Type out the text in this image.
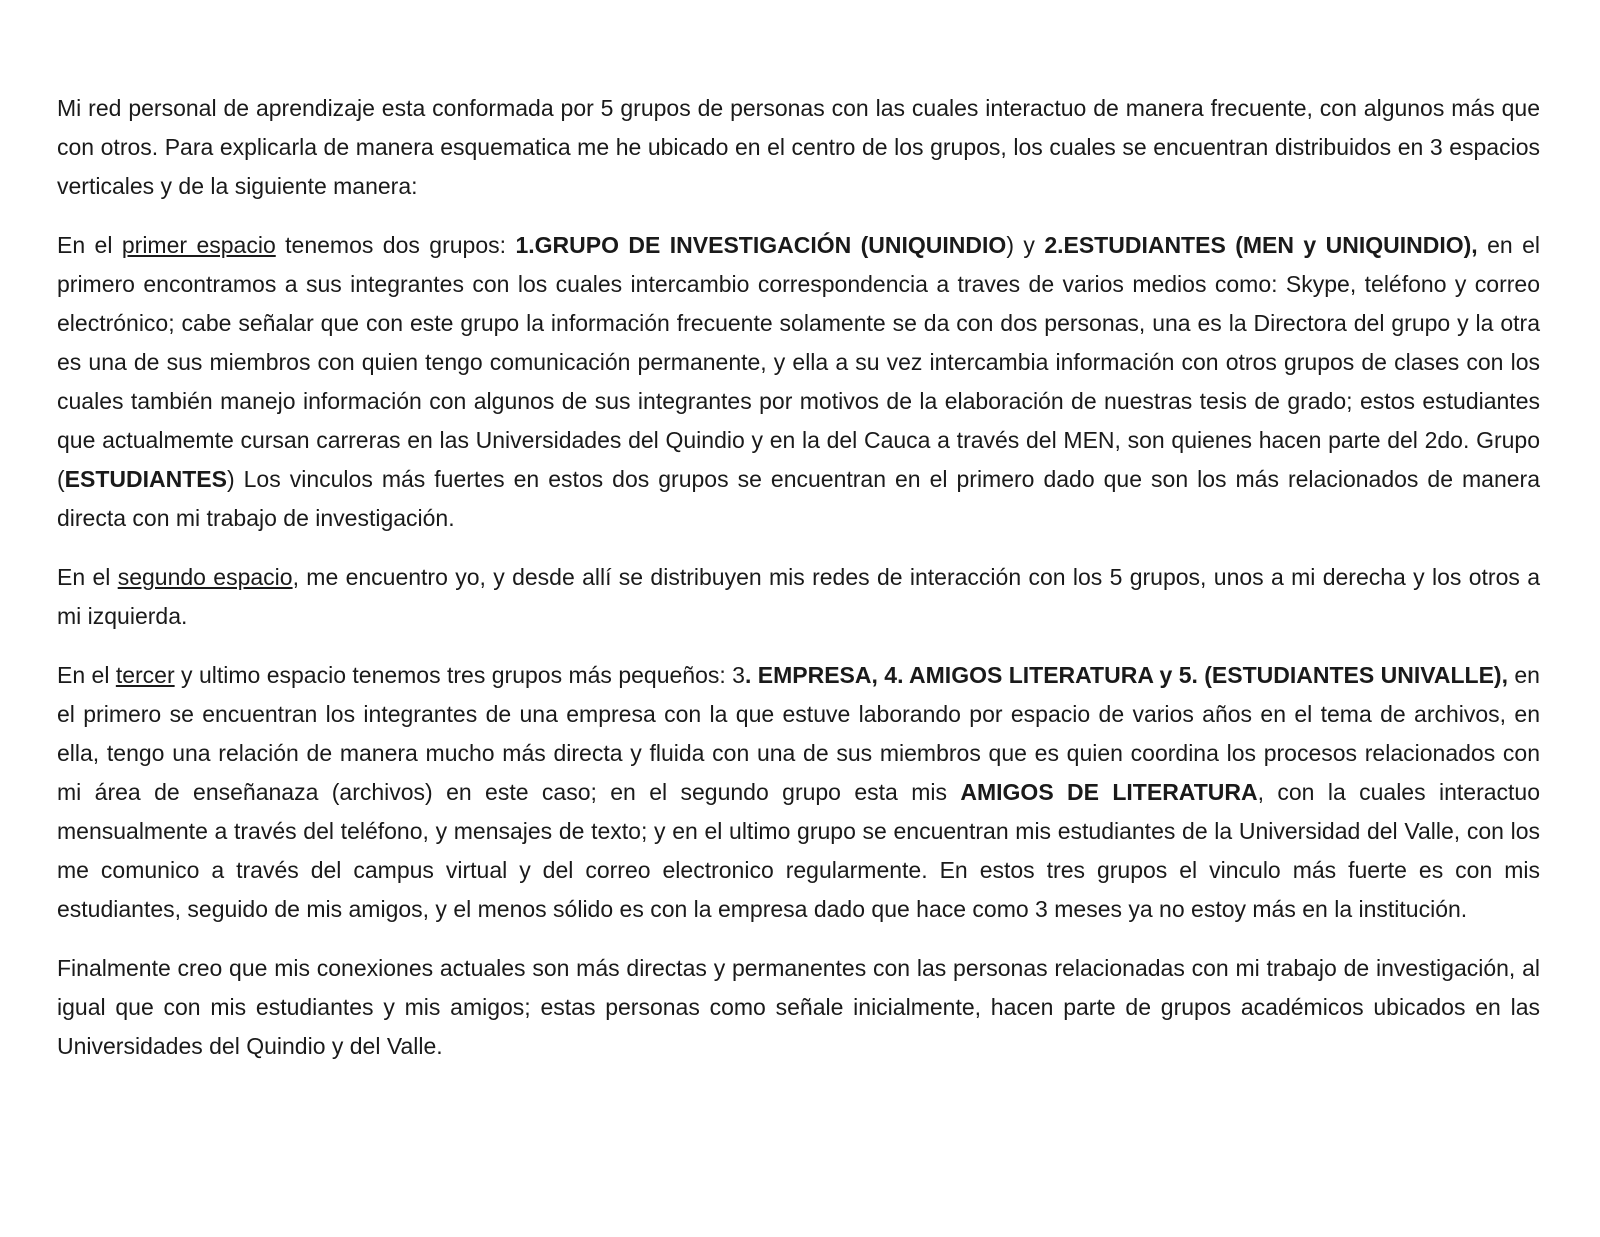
Mi red personal de aprendizaje esta conformada por 5 grupos de personas con las cuales interactuo de manera frecuente, con algunos más que con otros. Para explicarla de manera esquematica me he ubicado en el centro de los grupos, los cuales se encuentran distribuidos en 3 espacios verticales y de la siguiente manera:

En el primer espacio tenemos dos grupos: 1.GRUPO DE INVESTIGACIÓN (UNIQUINDIO) y 2.ESTUDIANTES (MEN y UNIQUINDIO), en el primero encontramos a sus integrantes con los cuales intercambio correspondencia a traves de varios medios como: Skype, teléfono y correo electrónico; cabe señalar que con este grupo la información frecuente solamente se da con dos personas, una es la Directora del grupo y la otra es una de sus miembros con quien tengo comunicación permanente, y ella a su vez intercambia información con otros grupos de clases con los cuales también manejo información con algunos de sus integrantes por motivos de la elaboración de nuestras tesis de grado; estos estudiantes que actualmemte cursan carreras en las Universidades del Quindio y en la del Cauca a través del MEN, son quienes hacen parte del 2do. Grupo (ESTUDIANTES) Los vinculos más fuertes en estos dos grupos se encuentran en el primero dado que son los más relacionados de manera directa con mi trabajo de investigación.

En el segundo espacio, me encuentro yo, y desde allí se distribuyen mis redes de interacción con los 5 grupos, unos a mi derecha y los otros a mi izquierda.

En el tercer y ultimo espacio tenemos tres grupos más pequeños: 3. EMPRESA, 4. AMIGOS LITERATURA y 5. (ESTUDIANTES UNIVALLE), en el primero se encuentran los integrantes de una empresa con la que estuve laborando por espacio de varios años en el tema de archivos, en ella, tengo una relación de manera mucho más directa y fluida con una de sus miembros que es quien coordina los procesos relacionados con mi área de enseñanaza (archivos) en este caso; en el segundo grupo esta mis AMIGOS DE LITERATURA, con la cuales interactuo mensualmente a través del teléfono, y mensajes de texto; y en el ultimo grupo se encuentran mis estudiantes de la Universidad del Valle, con los me comunico a través del campus virtual y del correo electronico regularmente. En estos tres grupos el vinculo más fuerte es con mis estudiantes, seguido de mis amigos, y el menos sólido es con la empresa dado que hace como 3 meses ya no estoy más en la institución.

Finalmente creo que mis conexiones actuales son más directas y permanentes con las personas relacionadas con mi trabajo de investigación, al igual que con mis estudiantes y mis amigos; estas personas como señale inicialmente, hacen parte de grupos académicos ubicados en las Universidades del Quindio y del Valle.
